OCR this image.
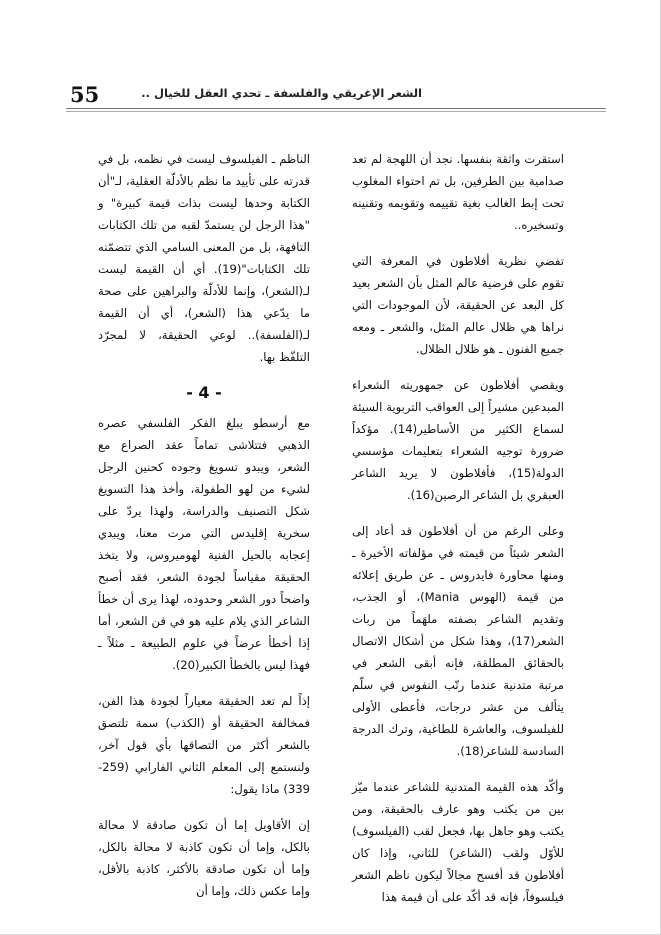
55	الشعر الإغريقي والفلسفة ـ تحدي العقل للخيال ..

استقرت واثقة بنفسها. نجد أن اللهجة لم تعد صدامية بين الطرفين، بل تم احتواء المغلوب تحت إبط الغالب بغية تقييمه وتقويمه وتقنينه وتسخيره..

تفضي نظرية أفلاطون في المعرفة التي تقوم على فرضية عالم المثل بأن الشعر بعيد كل البعد عن الحقيقة، لأن الموجودات التي نراها هي ظلال عالم المثل، والشعر ـ ومعه جميع الفنون ـ هو ظلال الظلال.

ويقصي أفلاطون عن جمهوريته الشعراء المبدعين مشيراً إلى العواقب التربوية السيئة لسماع الكثير من الأساطير(14). مؤكداً ضرورة توجيه الشعراء بتعليمات مؤسسي الدولة(15)، فأفلاطون لا يريد الشاعر العبقري بل الشاعر الرصين(16).

وعلى الرغم من أن أفلاطون قد أعاد إلى الشعر شيئاً من قيمته في مؤلفاته الأخيرة ـ ومنها محاورة فايدروس ـ عن طريق إعلائه من قيمة (الهوس Mania)، أو الجذب، وتقديم الشاعر بصفته ملهَماً من ربات الشعر(17)، وهذا شكل من أشكال الاتصال بالحقائق المطلقة، فإنه أبقى الشعر في مرتبة متدنية عندما رتّب النفوس في سلّم يتألف من عشر درجات، فأعطى الأولى للفيلسوف، والعاشرة للطاغية، وترك الدرجة السادسة للشاعر(18).

وأكّد هذه القيمة المتدنية للشاعر عندما ميّز بين من يكتب وهو عارف بالحقيقة، ومن يكتب وهو جاهل بها، فجعل لقب (الفيلسوف) للأوّل ولقب (الشاعر) للثاني، وإذا كان أفلاطون قد أفسح مجالاً ليكون ناظم الشعر فيلسوفاً، فإنه قد أكّد على أن قيمة هذا

الناظم ـ الفيلسوف ليست في نظمه، بل في قدرته على تأييد ما نظم بالأدلّة العقلية، لـ"أن الكتابة وحدها ليست بذات قيمة كبيرة" و "هذا الرجل لن يستمدّ لقبه من تلك الكتابات التافهة، بل من المعنى السامي الذي تتضمّنه تلك الكتابات"(19). أي أن القيمة ليست لـ(الشعر)، وإنما للأدلّة والبراهين على صحة ما يدّعي هذا (الشعر)، أي أن القيمة لـ(الفلسفة).. لوعي الحقيقة، لا لمجرّد التلفّظ بها.

- 4 -

مع أرسطو يبلغ الفكر الفلسفي عصره الذهبي فتتلاشى تماماً عقد الصراع مع الشعر، ويبدو تسويغ وجوده كحنين الرجل لشيء من لهو الطفولة، وأخذ هذا التسويغ شكل التصنيف والدراسة، ولهذا يردّ على سخرية إقليدس التي مرت معنا، ويبدي إعجابه بالحيل الفنية لهوميروس، ولا يتخذ الحقيقة مقياساً لجودة الشعر، فقد أصبح واضحاً دور الشعر وحدوده، لهذا يرى أن خطأ الشاعر الذي يلام عليه هو في فن الشعر، أما إذا أخطأ عرضاً في علوم الطبيعة ـ مثلاً ـ فهذا ليس بالخطأ الكبير(20).

إذاً لم تعد الحقيقة معياراً لجودة هذا الفن، فمخالفة الحقيقة أو (الكذب) سمة تلتصق بالشعر أكثر من التصاقها بأي قول آخر، ولنستمع إلى المعلم الثاني الفارابي (259- 339) ماذا يقول:

إن الأقاويل إما أن تكون صادقة لا محالة بالكل، وإما أن تكون كاذبة لا محالة بالكل، وإما أن تكون صادقة بالأكثر، كاذبة بالأقل، وإما عكس ذلك، وإما أن
